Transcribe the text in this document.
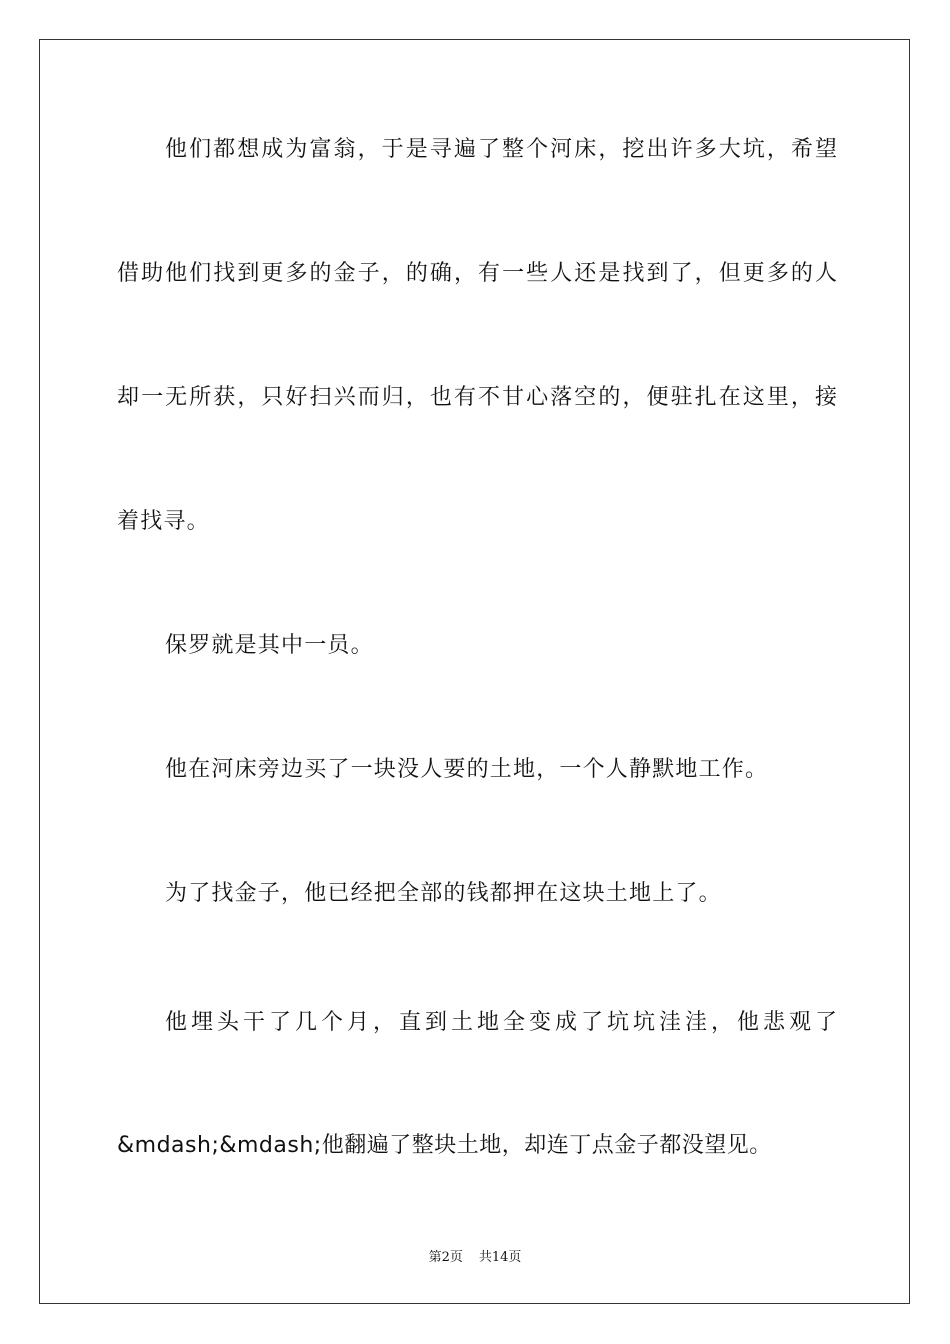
他们都想成为富翁，于是寻遍了整个河床，挖出许多大坑，希望
借助他们找到更多的金子，的确，有一些人还是找到了，但更多的人
却一无所获，只好扫兴而归，也有不甘心落空的，便驻扎在这里，接
着找寻。
保罗就是其中一员。
他在河床旁边买了一块没人要的土地，一个人静默地工作。
为了找金子，他已经把全部的钱都押在这块土地上了。
他埋头干了几个月，直到土地全变成了坑坑洼洼，他悲观了
&mdash;&mdash;他翻遍了整块土地，却连丁点金子都没望见。
第2页 共14页
